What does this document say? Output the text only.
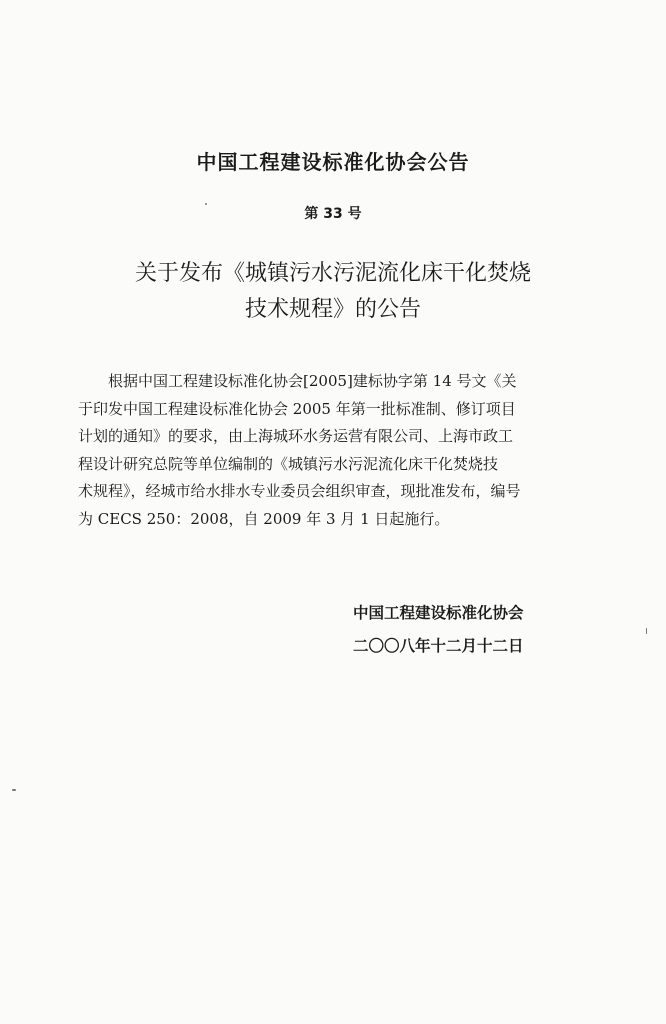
中国工程建设标准化协会公告
第 33 号
关于发布《城镇污水污泥流化床干化焚烧
技术规程》的公告
根据中国工程建设标准化协会[2005]建标协字第 14 号文《关
于印发中国工程建设标准化协会 2005 年第一批标准制、修订项目
计划的通知》的要求，由上海城环水务运营有限公司、上海市政工
程设计研究总院等单位编制的《城镇污水污泥流化床干化焚烧技
术规程》，经城市给水排水专业委员会组织审查，现批准发布，编号
为 CECS 250：2008，自 2009 年 3 月 1 日起施行。
中国工程建设标准化协会
二〇〇八年十二月十二日
